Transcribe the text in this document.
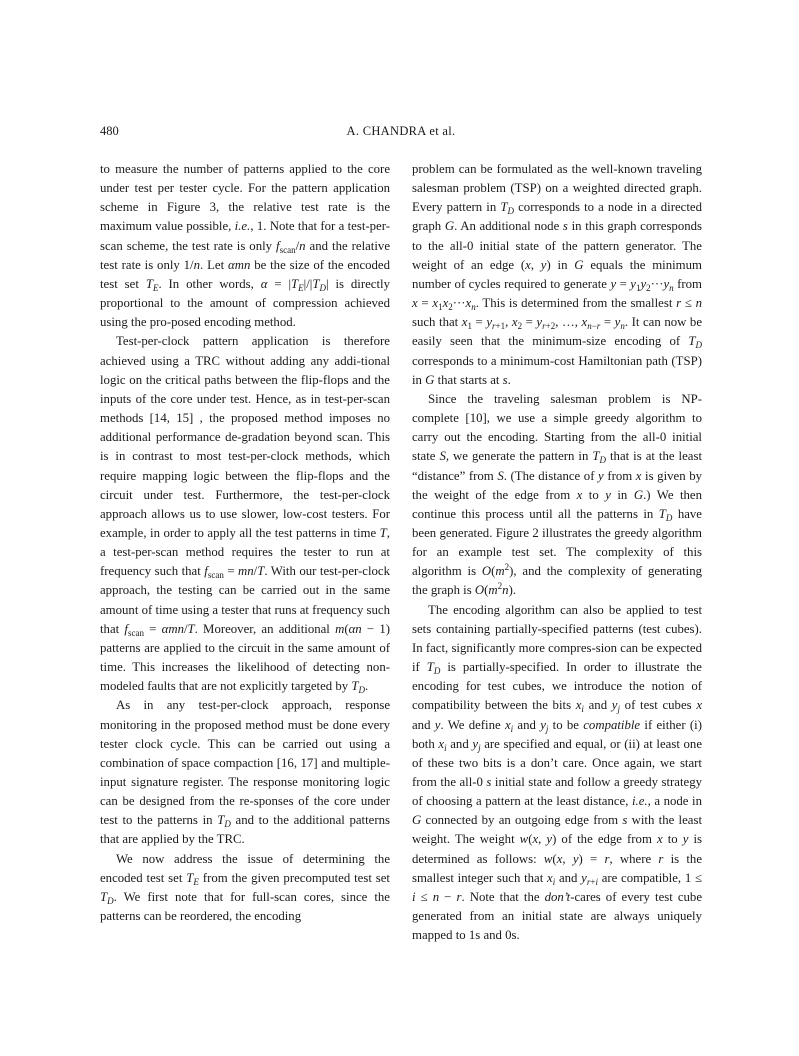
480	A. CHANDRA et al.

to measure the number of patterns applied to the core under test per tester cycle. For the pattern application scheme in Figure 3, the relative test rate is the maximum value possible, i.e., 1. Note that for a test-per-scan scheme, the test rate is only $f_{scan}/n$ and the relative test rate is only 1/n. Let αmn be the size of the encoded test set $T_E$. In other words, $\alpha = |T_E|/|T_D|$ is directly proportional to the amount of compression achieved using the pro-posed encoding method.

Test-per-clock pattern application is therefore achieved using a TRC without adding any addi-tional logic on the critical paths between the flip-flops and the inputs of the core under test. Hence, as in test-per-scan methods [14, 15] , the proposed method imposes no additional performance de-gradation beyond scan. This is in contrast to most test-per-clock methods, which require mapping logic between the flip-flops and the circuit under test. Furthermore, the test-per-clock approach allows us to use slower, low-cost testers. For example, in order to apply all the test patterns in time T, a test-per-scan method requires the tester to run at frequency such that $f_{scan} = mn/T$. With our test-per-clock approach, the testing can be carried out in the same amount of time using a tester that runs at frequency such that $f_{scan} = \alpha mn/T$. Moreover, an additional m(αn − 1) patterns are applied to the circuit in the same amount of time. This increases the likelihood of detecting non-modeled faults that are not explicitly targeted by $T_D$.

As in any test-per-clock approach, response monitoring in the proposed method must be done every tester clock cycle. This can be carried out using a combination of space compaction [16, 17] and multiple-input signature register. The response monitoring logic can be designed from the re-sponses of the core under test to the patterns in $T_D$ and to the additional patterns that are applied by the TRC.

We now address the issue of determining the encoded test set $T_E$ from the given precomputed test set $T_D$. We first note that for full-scan cores, since the patterns can be reordered, the encoding

problem can be formulated as the well-known traveling salesman problem (TSP) on a weighted directed graph. Every pattern in $T_D$ corresponds to a node in a directed graph G. An additional node s in this graph corresponds to the all-0 initial state of the pattern generator. The weight of an edge (x, y) in G equals the minimum number of cycles required to generate $y = y_1y_2\cdot\cdot\cdot y_n$ from $x = x_1x_2\cdot\cdot\cdot x_n$. This is determined from the smallest r ≤ n such that $x_1 = y_{r+1}$, $x_2 = y_{r+2}$, …, $x_{n-r} = y_n$. It can now be easily seen that the minimum-size encoding of $T_D$ corresponds to a minimum-cost Hamiltonian path (TSP) in G that starts at s.

Since the traveling salesman problem is NP-complete [10], we use a simple greedy algorithm to carry out the encoding. Starting from the all-0 initial state S, we generate the pattern in $T_D$ that is at the least “distance” from S. (The distance of y from x is given by the weight of the edge from x to y in G.) We then continue this process until all the patterns in $T_D$ have been generated. Figure 2 illustrates the greedy algorithm for an example test set. The complexity of this algorithm is $O(m^2)$, and the complexity of generating the graph is $O(m^2n)$.

The encoding algorithm can also be applied to test sets containing partially-specified patterns (test cubes). In fact, significantly more compres-sion can be expected if $T_D$ is partially-specified. In order to illustrate the encoding for test cubes, we introduce the notion of compatibility between the bits $x_i$ and $y_j$ of test cubes x and y. We define $x_i$ and $y_j$ to be compatible if either (i) both $x_i$ and $y_j$ are specified and equal, or (ii) at least one of these two bits is a don’t care. Once again, we start from the all-0 s initial state and follow a greedy strategy of choosing a pattern at the least distance, i.e., a node in G connected by an outgoing edge from s with the least weight. The weight w(x, y) of the edge from x to y is determined as follows: w(x, y) = r, where r is the smallest integer such that $x_i$ and $y_{r+i}$ are compatible, 1 ≤ i ≤ n − r. Note that the don’t-cares of every test cube generated from an initial state are always uniquely mapped to 1s and 0s.
